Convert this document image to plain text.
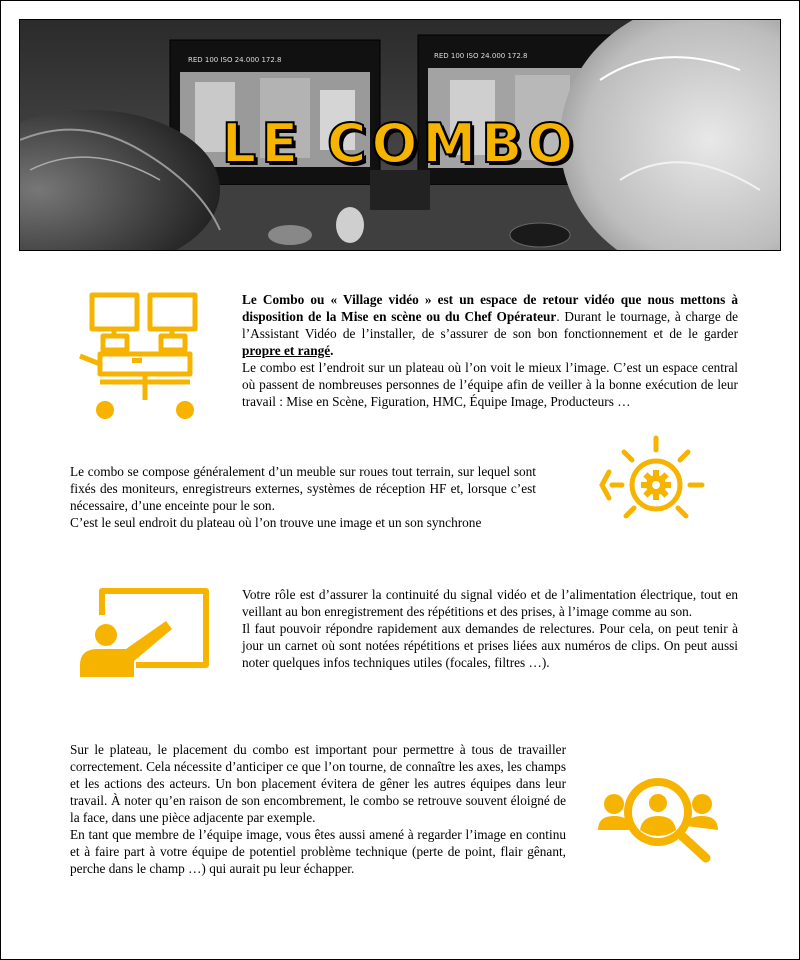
RED 100 ISO 24.000 172.8	RED 100 ISO 24.000 172.8
LE COMBO

Le Combo ou « Village vidéo » est un espace de retour vidéo que nous mettons à disposition de la Mise en scène ou du Chef Opérateur. Durant le tournage, à charge de l’Assistant Vidéo de l’installer, de s’assurer de son bon fonctionnement et de le garder propre et rangé.

Le combo est l’endroit sur un plateau où l’on voit le mieux l’image. C’est un espace central où passent de nombreuses personnes de l’équipe afin de veiller à la bonne exécution de leur travail : Mise en Scène, Figuration, HMC, Équipe Image, Producteurs …

Le combo se compose généralement d’un meuble sur roues tout terrain, sur lequel sont fixés des moniteurs, enregistreurs externes, systèmes de réception HF et, lorsque c’est nécessaire, d’une enceinte pour le son.

C’est le seul endroit du plateau où l’on trouve une image et un son synchrone

Votre rôle est d’assurer la continuité du signal vidéo et de l’alimentation électrique, tout en veillant au bon enregistrement des répétitions et des prises, à l’image comme au son.

Il faut pouvoir répondre rapidement aux demandes de relectures. Pour cela, on peut tenir à jour un carnet où sont notées répétitions et prises liées aux numéros de clips. On peut aussi noter quelques infos techniques utiles (focales, filtres …).

Sur le plateau, le placement du combo est important pour permettre à tous de travailler correctement. Cela nécessite d’anticiper ce que l’on tourne, de connaître les axes, les champs et les actions des acteurs. Un bon placement évitera de gêner les autres équipes dans leur travail. À noter qu’en raison de son encombrement, le combo se retrouve souvent éloigné de la face, dans une pièce adjacente par exemple.

En tant que membre de l’équipe image, vous êtes aussi amené à regarder l’image en continu et à faire part à votre équipe de potentiel problème technique (perte de point, flair gênant, perche dans le champ …) qui aurait pu leur échapper.
